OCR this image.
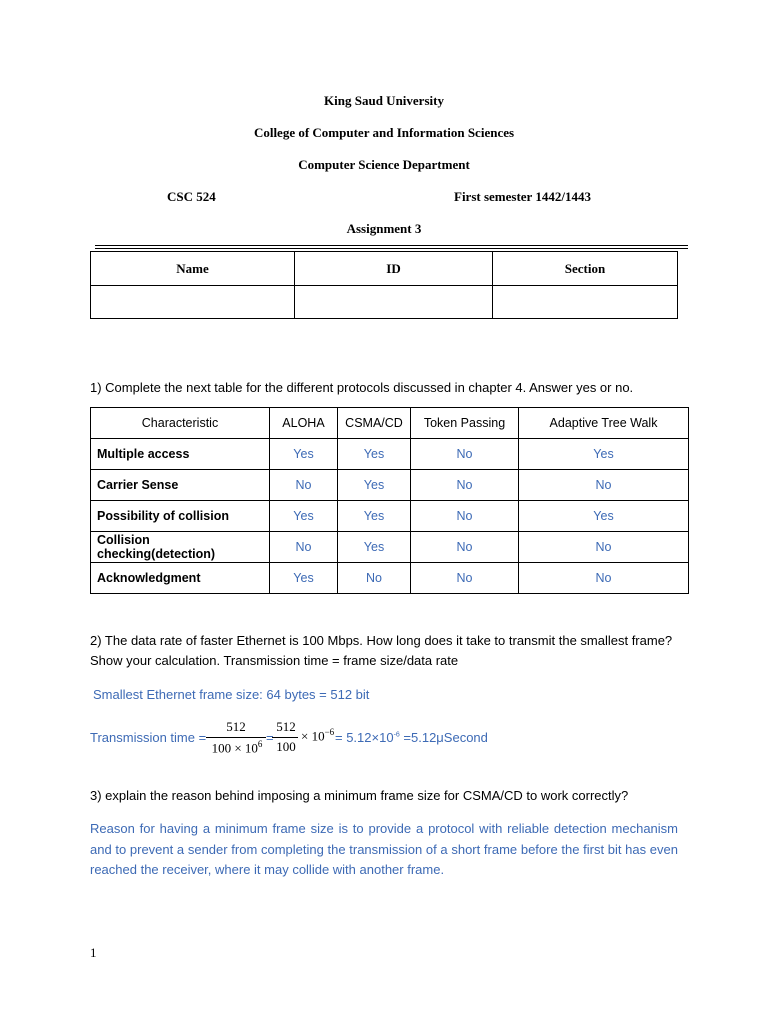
King Saud University
College of Computer and Information Sciences
Computer Science Department
CSC 524	First semester 1442/1443
Assignment 3
Name	ID	Section

1) Complete the next table for the different protocols discussed in chapter 4. Answer yes or no.
Characteristic	ALOHA	CSMA/CD	Token Passing	Adaptive Tree Walk
Multiple access	Yes	Yes	No	Yes
Carrier Sense	No	Yes	No	No
Possibility of collision	Yes	Yes	No	Yes
Collision checking(detection)	No	Yes	No	No
Acknowledgment	Yes	No	No	No
2) The data rate of faster Ethernet is 100 Mbps. How long does it take to transmit the smallest frame?
Show your calculation. Transmission time = frame size/data rate
Smallest Ethernet frame size: 64 bytes = 512 bit
Transmission time =
512
$100 \times 10^6$ =
512
100
× $10^{-6} = 5.12\times 10^{-6}$ =5.12μSecond
3) explain the reason behind imposing a minimum frame size for CSMA/CD to work correctly?
Reason for having a minimum frame size is to provide a protocol with reliable detection mechanism and to prevent a sender from completing the transmission of a short frame before the first bit has even reached the receiver, where it may collide with another frame.
1
